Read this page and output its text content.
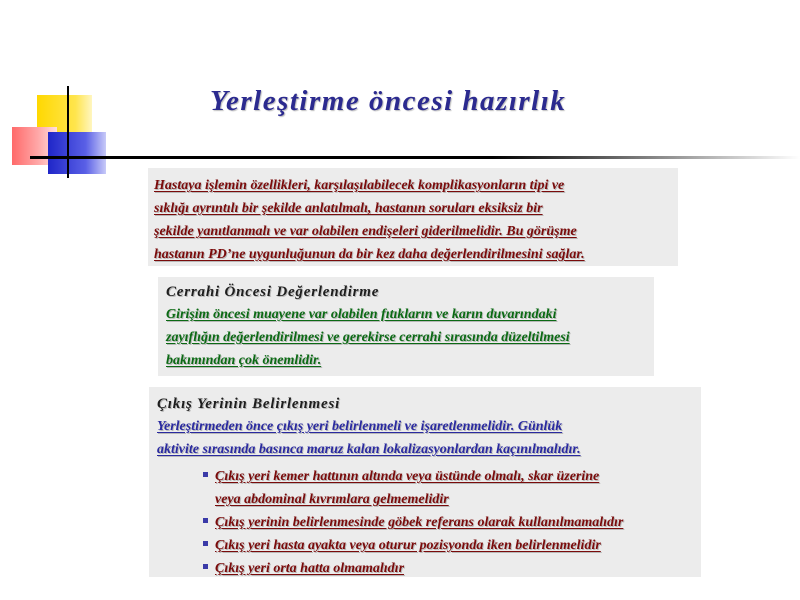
Yerleştirme öncesi hazırlık

Hastaya işlemin özellikleri, karşılaşılabilecek komplikasyonların tipi ve

sıklığı ayrıntılı bir şekilde anlatılmalı, hastanın soruları eksiksiz bir

şekilde yanıtlanmalı ve var olabilen endişeleri giderilmelidir. Bu görüşme

hastanın PD’ne uygunluğunun da bir kez daha değerlendirilmesini sağlar.

Cerrahi Öncesi Değerlendirme

Girişim öncesi muayene var olabilen fıtıkların ve karın duvarındaki

zayıflığın değerlendirilmesi ve gerekirse cerrahi sırasında düzeltilmesi

bakımından çok önemlidir.

Çıkış Yerinin Belirlenmesi

Yerleştirmeden önce çıkış yeri belirlenmeli ve işaretlenmelidir. Günlük

aktivite sırasında basınca maruz kalan lokalizasyonlardan kaçınılmalıdır.

Çıkış yeri kemer hattının altında veya üstünde olmalı, skar üzerine

veya abdominal kıvrımlara gelmemelidir

Çıkış yerinin belirlenmesinde göbek referans olarak kullanılmamalıdır

Çıkış yeri hasta ayakta veya oturur pozisyonda iken belirlenmelidir

Çıkış yeri orta hatta olmamalıdır
